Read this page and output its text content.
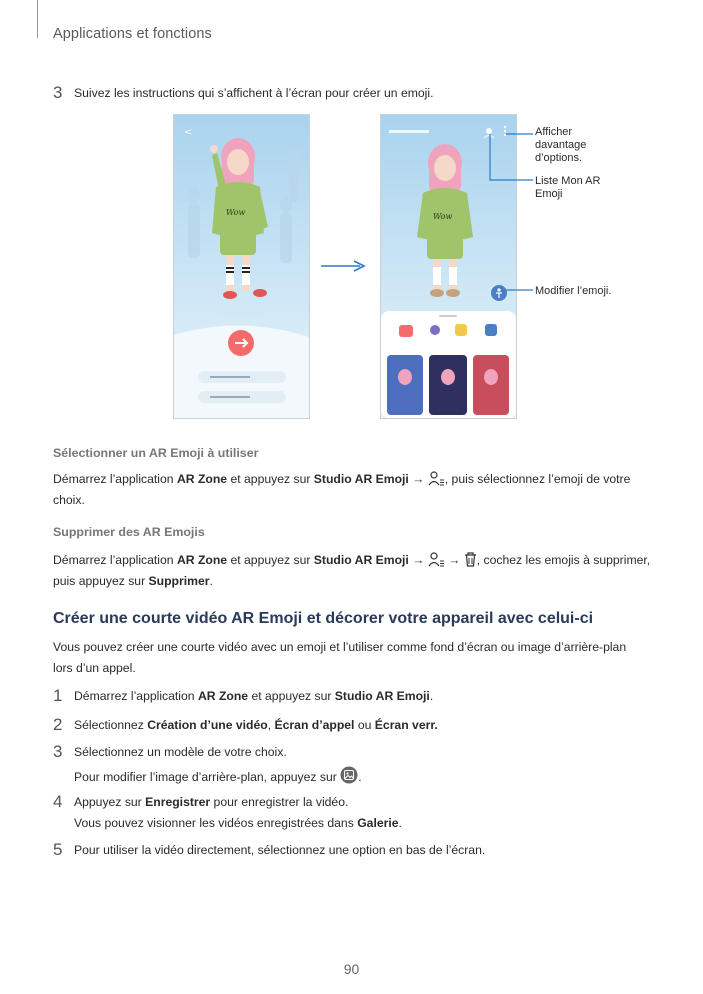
Applications et fonctions
3 Suivez les instructions qui s’affichent à l’écran pour créer un emoji.
<
Wow	Wow
Afficher
davantage
d’options.
Liste Mon AR
Emoji
Modifier l’emoji.
Sélectionner un AR Emoji à utiliser
Démarrez l’application AR Zone et appuyez sur Studio AR Emoji → , puis sélectionnez l’emoji de votre
choix.
Supprimer des AR Emojis
Démarrez l’application AR Zone et appuyez sur Studio AR Emoji →  → , cochez les emojis à supprimer,
puis appuyez sur Supprimer.
Créer une courte vidéo AR Emoji et décorer votre appareil avec celui-ci
Vous pouvez créer une courte vidéo avec un emoji et l’utiliser comme fond d’écran ou image d’arrière-plan
lors d’un appel.
1 Démarrez l’application AR Zone et appuyez sur Studio AR Emoji.
2 Sélectionnez Création d’une vidéo, Écran d’appel ou Écran verr.
3 Sélectionnez un modèle de votre choix.
Pour modifier l’image d’arrière-plan, appuyez sur .
4 Appuyez sur Enregistrer pour enregistrer la vidéo.
Vous pouvez visionner les vidéos enregistrées dans Galerie.
5 Pour utiliser la vidéo directement, sélectionnez une option en bas de l’écran.
90
